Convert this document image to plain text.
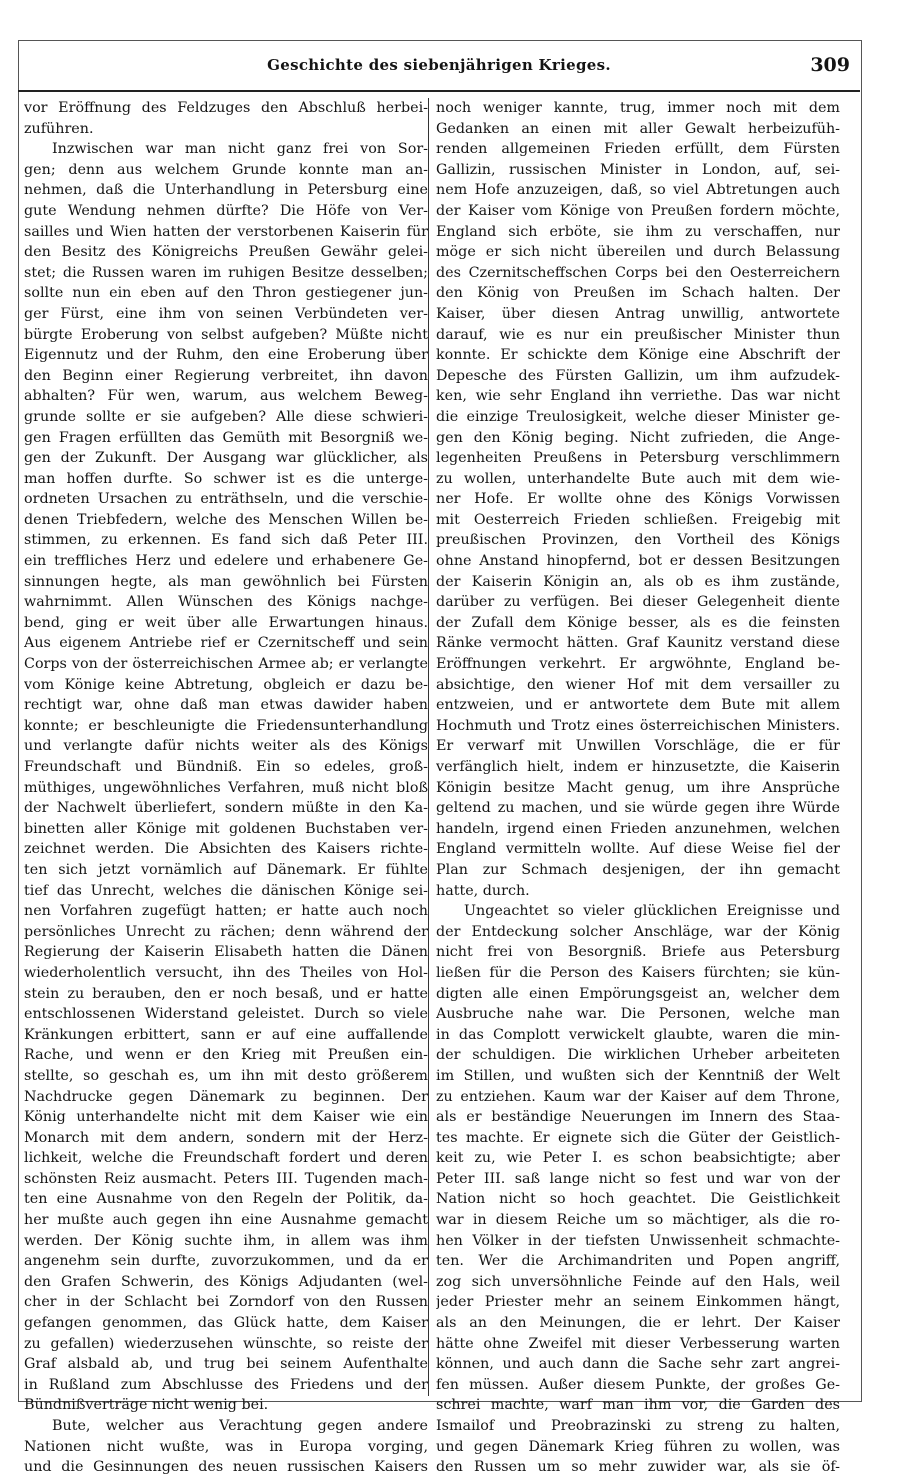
Geschichte des siebenjährigen Krieges.	309
vor Eröffnung des Feldzuges den Abschluß herbei-
zuführen.
Inzwischen war man nicht ganz frei von Sor-
gen; denn aus welchem Grunde konnte man an-
nehmen, daß die Unterhandlung in Petersburg eine
gute Wendung nehmen dürfte? Die Höfe von Ver-
sailles und Wien hatten der verstorbenen Kaiserin für
den Besitz des Königreichs Preußen Gewähr gelei-
stet; die Russen waren im ruhigen Besitze desselben;
sollte nun ein eben auf den Thron gestiegener jun-
ger Fürst, eine ihm von seinen Verbündeten ver-
bürgte Eroberung von selbst aufgeben? Müßte nicht
Eigennutz und der Ruhm, den eine Eroberung über
den Beginn einer Regierung verbreitet, ihn davon
abhalten? Für wen, warum, aus welchem Beweg-
grunde sollte er sie aufgeben? Alle diese schwieri-
gen Fragen erfüllten das Gemüth mit Besorgniß we-
gen der Zukunft. Der Ausgang war glücklicher, als
man hoffen durfte. So schwer ist es die unterge-
ordneten Ursachen zu enträthseln, und die verschie-
denen Triebfedern, welche des Menschen Willen be-
stimmen, zu erkennen. Es fand sich daß Peter III.
ein treffliches Herz und edelere und erhabenere Ge-
sinnungen hegte, als man gewöhnlich bei Fürsten
wahrnimmt. Allen Wünschen des Königs nachge-
bend, ging er weit über alle Erwartungen hinaus.
Aus eigenem Antriebe rief er Czernitscheff und sein
Corps von der österreichischen Armee ab; er verlangte
vom Könige keine Abtretung, obgleich er dazu be-
rechtigt war, ohne daß man etwas dawider haben
konnte; er beschleunigte die Friedensunterhandlung
und verlangte dafür nichts weiter als des Königs
Freundschaft und Bündniß. Ein so edeles, groß-
müthiges, ungewöhnliches Verfahren, muß nicht bloß
der Nachwelt überliefert, sondern müßte in den Ka-
binetten aller Könige mit goldenen Buchstaben ver-
zeichnet werden. Die Absichten des Kaisers richte-
ten sich jetzt vornämlich auf Dänemark. Er fühlte
tief das Unrecht, welches die dänischen Könige sei-
nen Vorfahren zugefügt hatten; er hatte auch noch
persönliches Unrecht zu rächen; denn während der
Regierung der Kaiserin Elisabeth hatten die Dänen
wiederholentlich versucht, ihn des Theiles von Hol-
stein zu berauben, den er noch besaß, und er hatte
entschlossenen Widerstand geleistet. Durch so viele
Kränkungen erbittert, sann er auf eine auffallende
Rache, und wenn er den Krieg mit Preußen ein-
stellte, so geschah es, um ihn mit desto größerem
Nachdrucke gegen Dänemark zu beginnen. Der
König unterhandelte nicht mit dem Kaiser wie ein
Monarch mit dem andern, sondern mit der Herz-
lichkeit, welche die Freundschaft fordert und deren
schönsten Reiz ausmacht. Peters III. Tugenden mach-
ten eine Ausnahme von den Regeln der Politik, da-
her mußte auch gegen ihn eine Ausnahme gemacht
werden. Der König suchte ihm, in allem was ihm
angenehm sein durfte, zuvorzukommen, und da er
den Grafen Schwerin, des Königs Adjudanten (wel-
cher in der Schlacht bei Zorndorf von den Russen
gefangen genommen, das Glück hatte, dem Kaiser
zu gefallen) wiederzusehen wünschte, so reiste der
Graf alsbald ab, und trug bei seinem Aufenthalte
in Rußland zum Abschlusse des Friedens und der
Bündnißverträge nicht wenig bei.
Bute, welcher aus Verachtung gegen andere
Nationen nicht wußte, was in Europa vorging,
und die Gesinnungen des neuen russischen Kaisers
noch weniger kannte, trug, immer noch mit dem
Gedanken an einen mit aller Gewalt herbeizufüh-
renden allgemeinen Frieden erfüllt, dem Fürsten
Gallizin, russischen Minister in London, auf, sei-
nem Hofe anzuzeigen, daß, so viel Abtretungen auch
der Kaiser vom Könige von Preußen fordern möchte,
England sich erböte, sie ihm zu verschaffen, nur
möge er sich nicht übereilen und durch Belassung
des Czernitscheffschen Corps bei den Oesterreichern
den König von Preußen im Schach halten. Der
Kaiser, über diesen Antrag unwillig, antwortete
darauf, wie es nur ein preußischer Minister thun
konnte. Er schickte dem Könige eine Abschrift der
Depesche des Fürsten Gallizin, um ihm aufzudek-
ken, wie sehr England ihn verriethe. Das war nicht
die einzige Treulosigkeit, welche dieser Minister ge-
gen den König beging. Nicht zufrieden, die Ange-
legenheiten Preußens in Petersburg verschlimmern
zu wollen, unterhandelte Bute auch mit dem wie-
ner Hofe. Er wollte ohne des Königs Vorwissen
mit Oesterreich Frieden schließen. Freigebig mit
preußischen Provinzen, den Vortheil des Königs
ohne Anstand hinopfernd, bot er dessen Besitzungen
der Kaiserin Königin an, als ob es ihm zustände,
darüber zu verfügen. Bei dieser Gelegenheit diente
der Zufall dem Könige besser, als es die feinsten
Ränke vermocht hätten. Graf Kaunitz verstand diese
Eröffnungen verkehrt. Er argwöhnte, England be-
absichtige, den wiener Hof mit dem versailler zu
entzweien, und er antwortete dem Bute mit allem
Hochmuth und Trotz eines österreichischen Ministers.
Er verwarf mit Unwillen Vorschläge, die er für
verfänglich hielt, indem er hinzusetzte, die Kaiserin
Königin besitze Macht genug, um ihre Ansprüche
geltend zu machen, und sie würde gegen ihre Würde
handeln, irgend einen Frieden anzunehmen, welchen
England vermitteln wollte. Auf diese Weise fiel der
Plan zur Schmach desjenigen, der ihn gemacht
hatte, durch.
Ungeachtet so vieler glücklichen Ereignisse und
der Entdeckung solcher Anschläge, war der König
nicht frei von Besorgniß. Briefe aus Petersburg
ließen für die Person des Kaisers fürchten; sie kün-
digten alle einen Empörungsgeist an, welcher dem
Ausbruche nahe war. Die Personen, welche man
in das Complott verwickelt glaubte, waren die min-
der schuldigen. Die wirklichen Urheber arbeiteten
im Stillen, und wußten sich der Kenntniß der Welt
zu entziehen. Kaum war der Kaiser auf dem Throne,
als er beständige Neuerungen im Innern des Staa-
tes machte. Er eignete sich die Güter der Geistlich-
keit zu, wie Peter I. es schon beabsichtigte; aber
Peter III. saß lange nicht so fest und war von der
Nation nicht so hoch geachtet. Die Geistlichkeit
war in diesem Reiche um so mächtiger, als die ro-
hen Völker in der tiefsten Unwissenheit schmachte-
ten. Wer die Archimandriten und Popen angriff,
zog sich unversöhnliche Feinde auf den Hals, weil
jeder Priester mehr an seinem Einkommen hängt,
als an den Meinungen, die er lehrt. Der Kaiser
hätte ohne Zweifel mit dieser Verbesserung warten
können, und auch dann die Sache sehr zart angrei-
fen müssen. Außer diesem Punkte, der großes Ge-
schrei machte, warf man ihm vor, die Garden des
Ismailof und Preobrazinski zu streng zu halten,
und gegen Dänemark Krieg führen zu wollen, was
den Russen um so mehr zuwider war, als sie öf-
